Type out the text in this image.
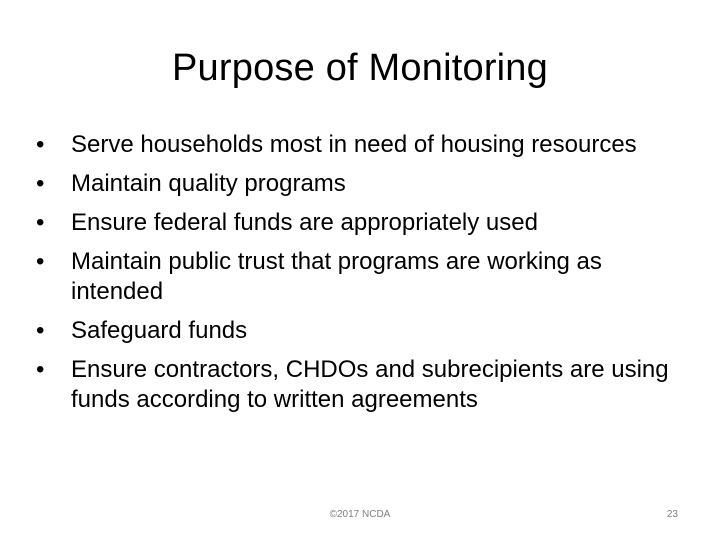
Purpose of Monitoring
•	Serve households most in need of housing resources
•	Maintain quality programs
•	Ensure federal funds are appropriately used
•	Maintain public trust that programs are working as intended
•	Safeguard funds
•	Ensure contractors, CHDOs and subrecipients are using funds according to written agreements
©2017 NCDA	23
